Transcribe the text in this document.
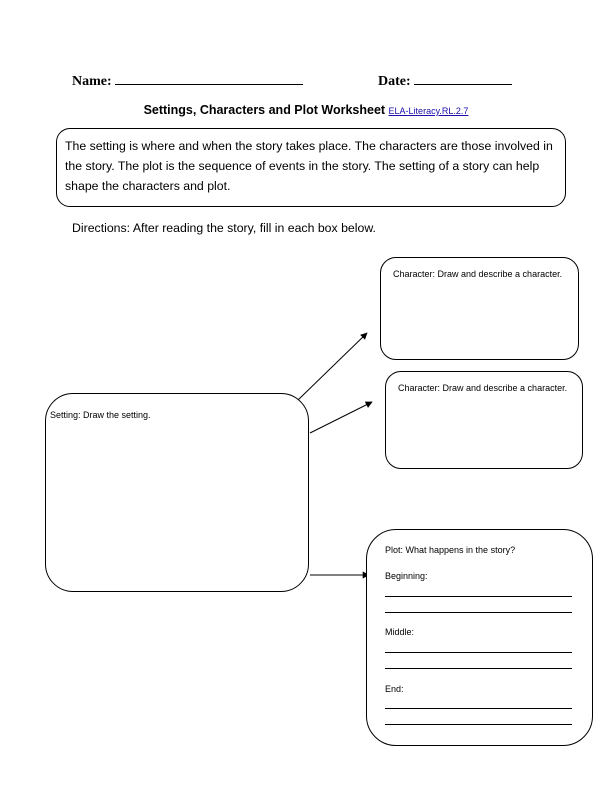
Name:	Date:
Settings, Characters and Plot Worksheet ELA-Literacy.RL.2.7
The setting is where and when the story takes place. The characters are those involved in the story. The plot is the sequence of events in the story. The setting of a story can help shape the characters and plot.
Directions: After reading the story, fill in each box below.
Character: Draw and describe a character.
Character: Draw and describe a character.
Setting: Draw the setting.
Plot: What happens in the story?
Beginning:
Middle:
End:
